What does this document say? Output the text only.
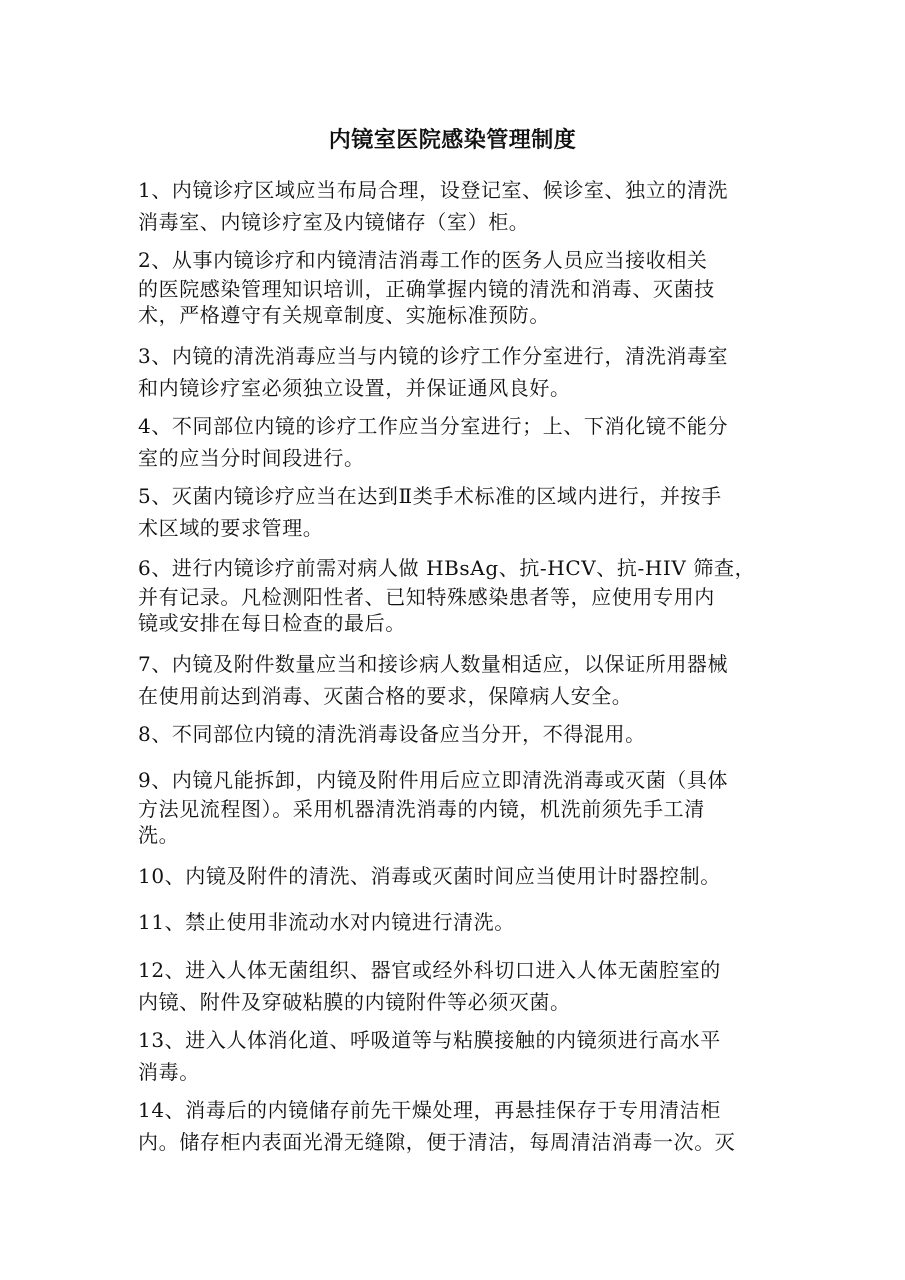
内镜室医院感染管理制度
1、内镜诊疗区域应当布局合理，设登记室、候诊室、独立的清洗
消毒室、内镜诊疗室及内镜储存（室）柜。
2、从事内镜诊疗和内镜清洁消毒工作的医务人员应当接收相关
的医院感染管理知识培训，正确掌握内镜的清洗和消毒、灭菌技
术，严格遵守有关规章制度、实施标准预防。
3、内镜的清洗消毒应当与内镜的诊疗工作分室进行，清洗消毒室
和内镜诊疗室必须独立设置，并保证通风良好。
4、不同部位内镜的诊疗工作应当分室进行；上、下消化镜不能分
室的应当分时间段进行。
5、灭菌内镜诊疗应当在达到Ⅱ类手术标准的区域内进行，并按手
术区域的要求管理。
6、进行内镜诊疗前需对病人做 HBsAg、抗-HCV、抗-HIV 筛查，
并有记录。凡检测阳性者、已知特殊感染患者等，应使用专用内
镜或安排在每日检查的最后。
7、内镜及附件数量应当和接诊病人数量相适应，以保证所用器械
在使用前达到消毒、灭菌合格的要求，保障病人安全。
8、不同部位内镜的清洗消毒设备应当分开，不得混用。
9、内镜凡能拆卸，内镜及附件用后应立即清洗消毒或灭菌（具体
方法见流程图）。采用机器清洗消毒的内镜，机洗前须先手工清
洗。
10、内镜及附件的清洗、消毒或灭菌时间应当使用计时器控制。
11、禁止使用非流动水对内镜进行清洗。
12、进入人体无菌组织、器官或经外科切口进入人体无菌腔室的
内镜、附件及穿破粘膜的内镜附件等必须灭菌。
13、进入人体消化道、呼吸道等与粘膜接触的内镜须进行高水平
消毒。
14、消毒后的内镜储存前先干燥处理，再悬挂保存于专用清洁柜
内。储存柜内表面光滑无缝隙，便于清洁，每周清洁消毒一次。灭
